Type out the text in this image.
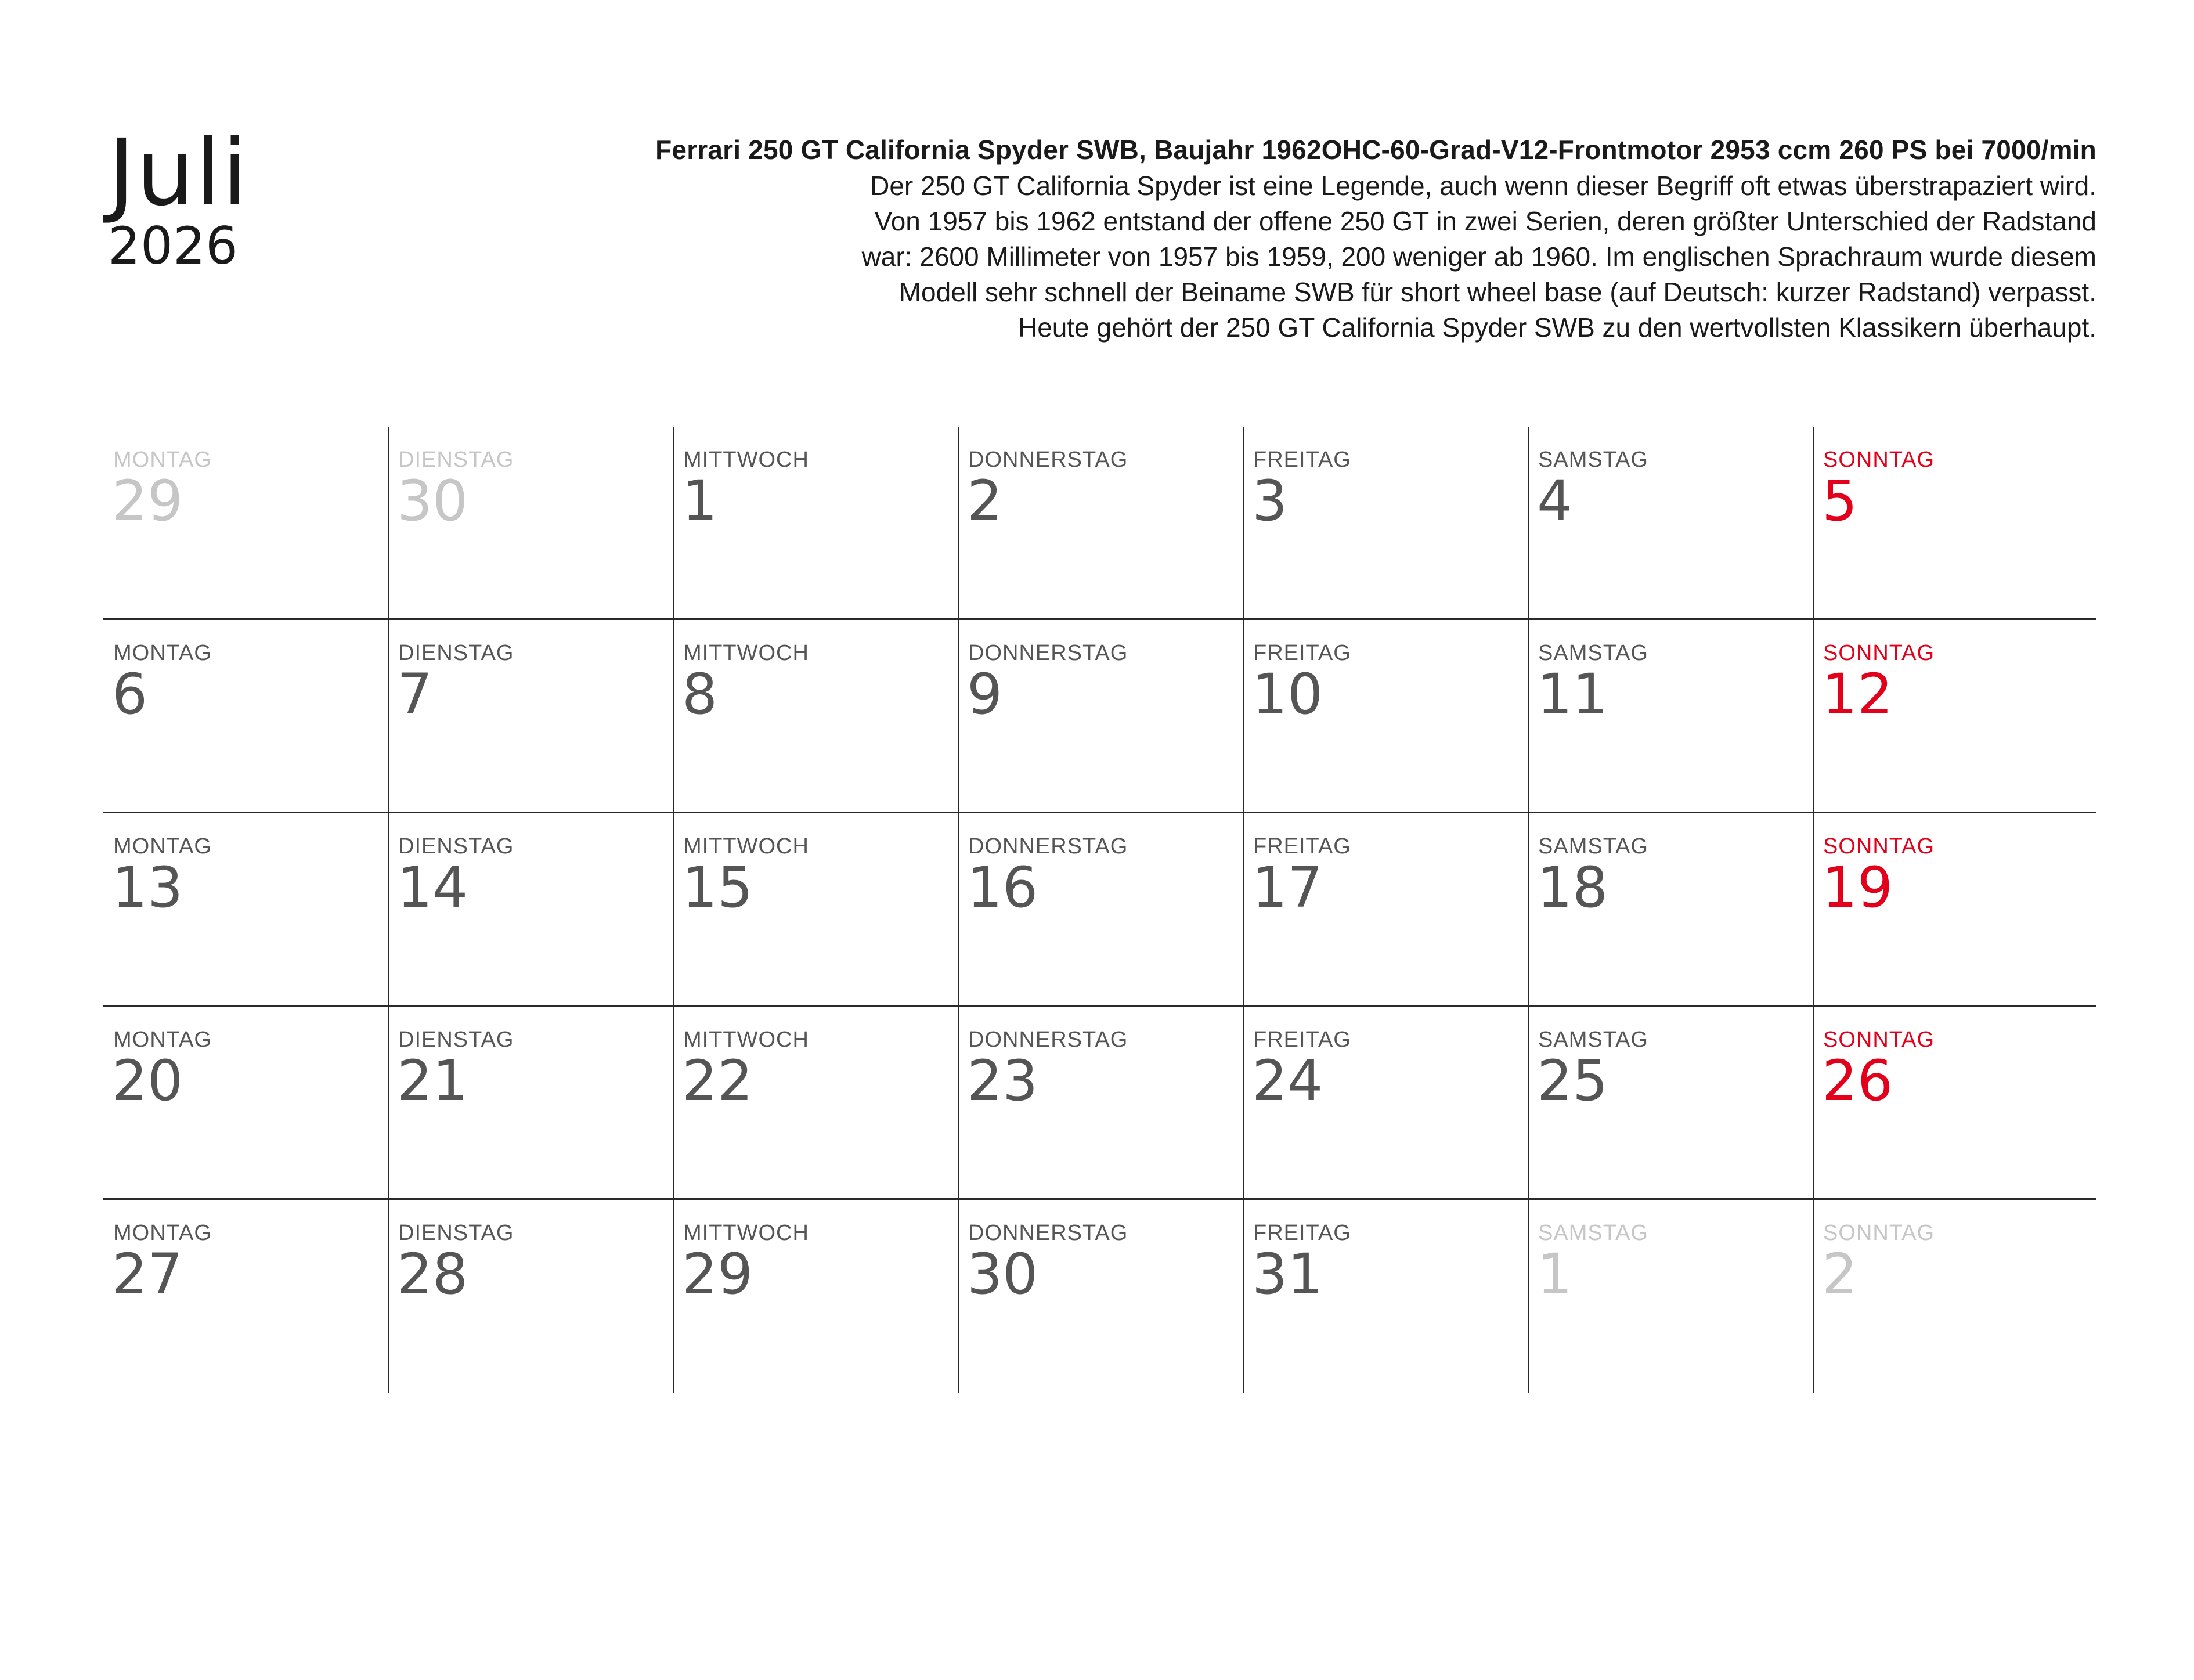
Juli
2026
Ferrari 250 GT California Spyder SWB, Baujahr 1962OHC-60-Grad-V12-Frontmotor 2953 ccm 260 PS bei 7000/min
Der 250 GT California Spyder ist eine Legende, auch wenn dieser Begriff oft etwas überstrapaziert wird.
Von 1957 bis 1962 entstand der offene 250 GT in zwei Serien, deren größter Unterschied der Radstand
war: 2600 Millimeter von 1957 bis 1959, 200 weniger ab 1960. Im englischen Sprachraum wurde diesem
Modell sehr schnell der Beiname SWB für short wheel base (auf Deutsch: kurzer Radstand) verpasst.
Heute gehört der 250 GT California Spyder SWB zu den wertvollsten Klassikern überhaupt.
MONTAG
29
DIENSTAG
30
MITTWOCH
1
DONNERSTAG
2
FREITAG
3
SAMSTAG
4
SONNTAG
5
MONTAG
6
DIENSTAG
7
MITTWOCH
8
DONNERSTAG
9
FREITAG
10
SAMSTAG
11
SONNTAG
12
MONTAG
13
DIENSTAG
14
MITTWOCH
15
DONNERSTAG
16
FREITAG
17
SAMSTAG
18
SONNTAG
19
MONTAG
20
DIENSTAG
21
MITTWOCH
22
DONNERSTAG
23
FREITAG
24
SAMSTAG
25
SONNTAG
26
MONTAG
27
DIENSTAG
28
MITTWOCH
29
DONNERSTAG
30
FREITAG
31
SAMSTAG
1
SONNTAG
2
